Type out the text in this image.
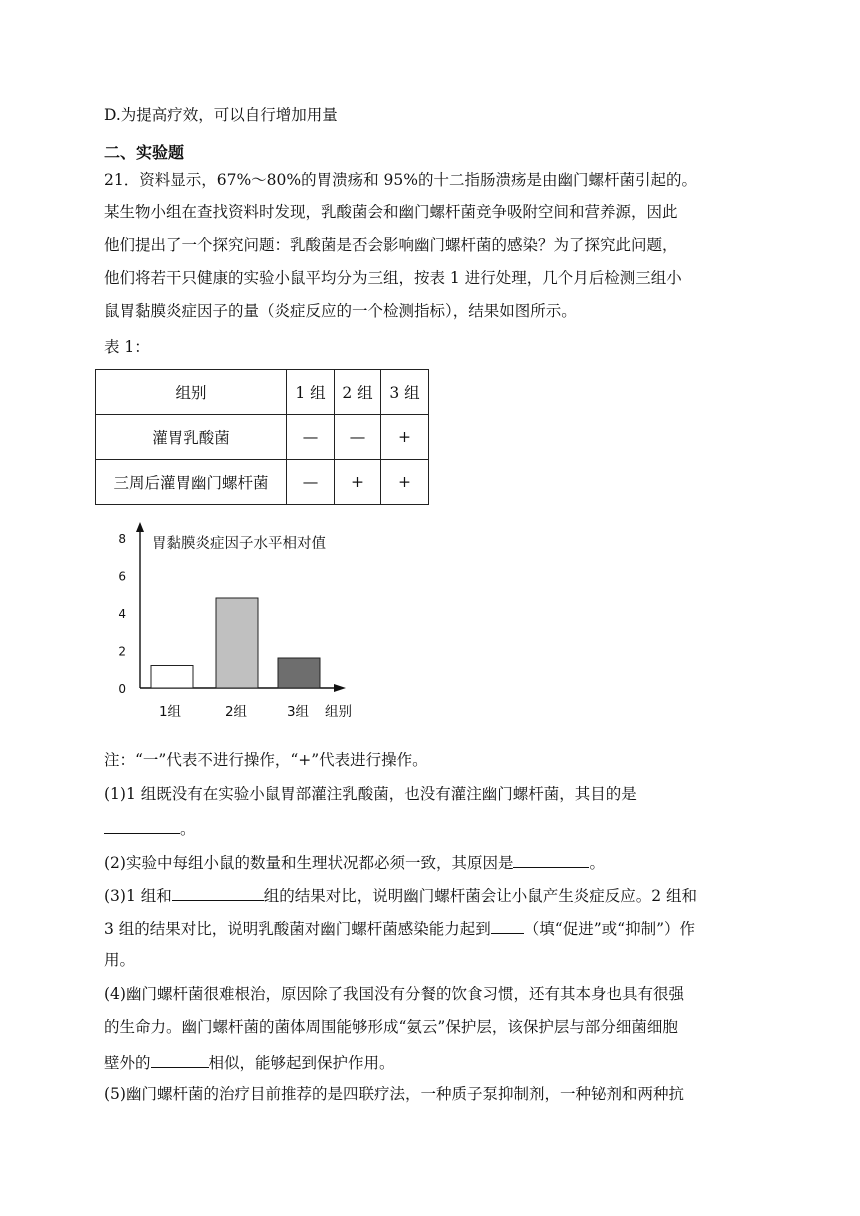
D.为提高疗效，可以自行增加用量
二、实验题
21．资料显示，67%～80%的胃溃疡和 95%的十二指肠溃疡是由幽门螺杆菌引起的。
某生物小组在查找资料时发现，乳酸菌会和幽门螺杆菌竞争吸附空间和营养源，因此
他们提出了一个探究问题：乳酸菌是否会影响幽门螺杆菌的感染？为了探究此问题，
他们将若干只健康的实验小鼠平均分为三组，按表 1 进行处理，几个月后检测三组小
鼠胃黏膜炎症因子的量（炎症反应的一个检测指标），结果如图所示。
表 1：
组别	1 组	2 组	3 组
灌胃乳酸菌	—	—	+
三周后灌胃幽门螺杆菌	—	+	+
0
2
4
6
8 胃黏膜炎症因子水平相对值
1组	2组	3组 组别
注：“一”代表不进行操作，“+”代表进行操作。
(1)1 组既没有在实验小鼠胃部灌注乳酸菌，也没有灌注幽门螺杆菌，其目的是
。
(2)实验中每组小鼠的数量和生理状况都必须一致，其原因是	。
(3)1 组和	组的结果对比，说明幽门螺杆菌会让小鼠产生炎症反应。2 组和
3 组的结果对比，说明乳酸菌对幽门螺杆菌感染能力起到 （填“促进”或“抑制”）作
用。
(4)幽门螺杆菌很难根治，原因除了我国没有分餐的饮食习惯，还有其本身也具有很强
的生命力。幽门螺杆菌的菌体周围能够形成“氨云”保护层，该保护层与部分细菌细胞
壁外的	相似，能够起到保护作用。
(5)幽门螺杆菌的治疗目前推荐的是四联疗法，一种质子泵抑制剂，一种铋剂和两种抗
